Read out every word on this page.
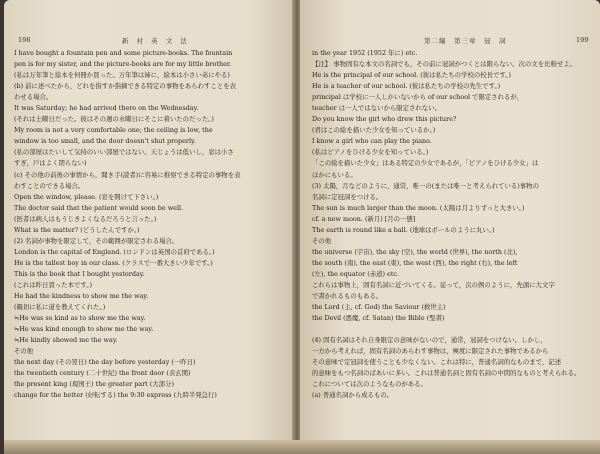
198	新 村 英 文 法
I have bought a fountain pen and some picture-books. The fountain
pen is for my sister, and the picture-books are for my little brother.
(私は万年筆と絵本を何冊か買った。万年筆は姉に，絵本は小さい弟にやる)
(b) 前に述べたから，どれを指すか指摘できる特定の事物をあらわすことを表
わせる場合。
It was Saturday; he had arrived there on the Wednesday.
(それは土曜日だった。彼はその週の水曜日にそこに着いたのだった。)
My room is not a very comfortable one; the ceiling is low, the
window is too small, and the door doesn't shut properly.
(私の部屋はたいして気持のいい部屋ではない。天じょうは低いし，窓は小さ
すぎ，戸はよく閉らない)
(c) その他の前後の事情から，聞き手(読者)に容易に推察できる特定の事物を表
わすことのできる場合。
Open the window, please. (窓を開けて下さい。)
The doctor said that the patient would soon be well.
(医者は病人はもうじきよくなるだろうと言った。)
What is the matter? (どうしたんですか。)
(2) 名詞が事物を限定して，その範囲が限定される場合。
London is the capital of England. (ロンドンは英国の首府である。)
He is the tallest boy in our class. (クラスで一番大きい少年です。)
This is the book that I bought yesterday.
(これは昨日買った本です。)
He had the kindness to show me the way.
(親切に私に道を教えてくれた。)
≒He was so kind as to show me the way.
≒He was kind enough to show me the way.
≒He kindly showed me the way.
その他
the next day (その翌日) the day before yesterday (一昨日)
the twentieth century (二十世紀) the front door (表玄関)
the present king (現国王) the greater part (大部分)
change for the better (好転する) the 9:30 express (九時半発急行)
第二編　第三章　冠　詞	199
in the year 1952 (1952 年に) etc.
【注】 事物固有な本文の名詞でも，その前に冠詞がつくとは限らない。次の文を比較せよ。
He is the principal of our school. (彼は私たちの学校の校長です。)
He is a teacher of our school. (彼は私たちの学校の先生です。)
principal は学校に一人しかいないから of our school で限定されるが，
teacher は一人ではないから限定されない。
Do you know the girl who drew this picture?
(君はこの絵を描いた少女を知っているか。)
I know a girl who can play the piano.
(私はピアノをひける少女を知っている。)
「この絵を描いた少女」はある特定の少女であるが，「ピアノをひける少女」は
ほかにもいる。
(3) 太陽，月などのように，通常，唯一の(または唯一と考えられている)事物の
名詞に定冠詞をつける。
The sun is much larger than the moon. (太陽は月よりずっと大きい。)
cf. a new moon. (新月) [月の一態]
The earth is round like a ball. (地球はボールのように丸い。)
その他
the universe (宇宙), the sky (空), the world (世界), the north (北),
the south (南), the east (東), the west (西), the right (右), the left
(左), the equator (赤道) etc.
これらは事物上，固有名詞に近づいてくる。従って，次の例のように，先頭に大文字
で書かれるものもある。
the Lord (主, cf. God) the Saviour (救世主)
the Devil (悪魔, cf. Satan) the Bible (聖書)
(4) 固有名詞はそれ自身限定の意味がないので，通常，冠詞をつけない。しかし，
一方から考えれば，固有名詞のあらわす事物は，極度に限定された事物であるから
その意味で定冠詞を使うことも少なくない。これは特に，普通名詞的なものまで，記述
的意味をもつ名詞のばあいに多い。これは普通名詞と固有名詞の中間的なものと考えられる。
これについては次のようなものがある。
(a) 普通名詞から成るもの。
